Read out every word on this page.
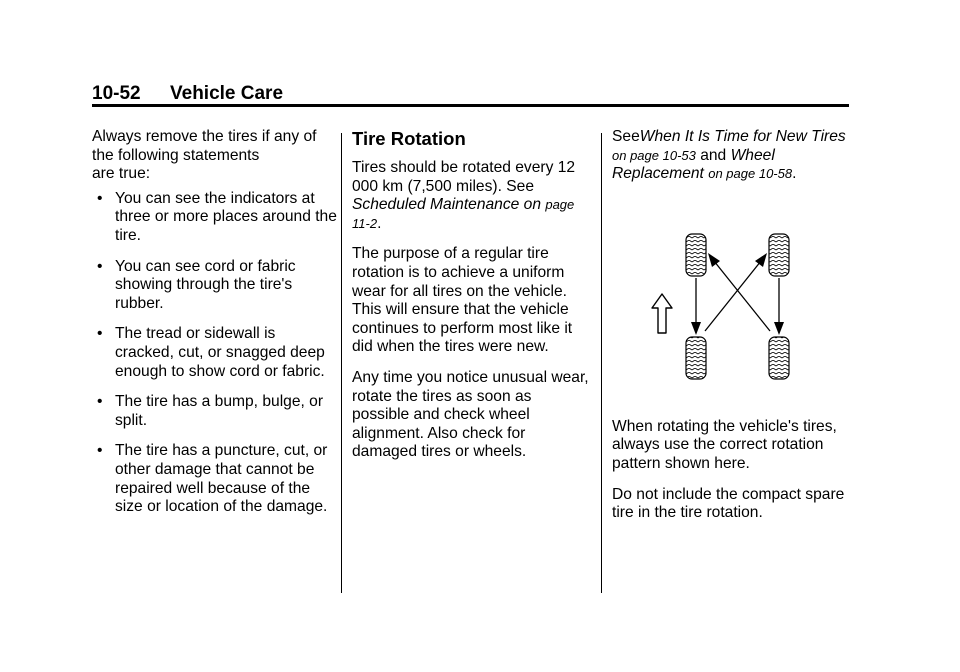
10-52 Vehicle Care

Always remove the tires if any of
the following statements
are true:

• You can see the indicators at three or more places around the tire.
• You can see cord or fabric showing through the tire's rubber.
• The tread or sidewall is cracked, cut, or snagged deep enough to show cord or fabric.
• The tire has a bump, bulge, or split.
• The tire has a puncture, cut, or other damage that cannot be repaired well because of the size or location of the damage.
Tire Rotation

Tires should be rotated every 12 000 km (7,500 miles). See Scheduled Maintenance on page 11-2.

The purpose of a regular tire rotation is to achieve a uniform wear for all tires on the vehicle. This will ensure that the vehicle continues to perform most like it did when the tires were new.

Any time you notice unusual wear, rotate the tires as soon as possible and check wheel alignment. Also check for damaged tires or wheels.

SeeWhen It Is Time for New Tires on page 10-53 and Wheel Replacement on page 10-58.

When rotating the vehicle's tires, always use the correct rotation pattern shown here.

Do not include the compact spare tire in the tire rotation.
